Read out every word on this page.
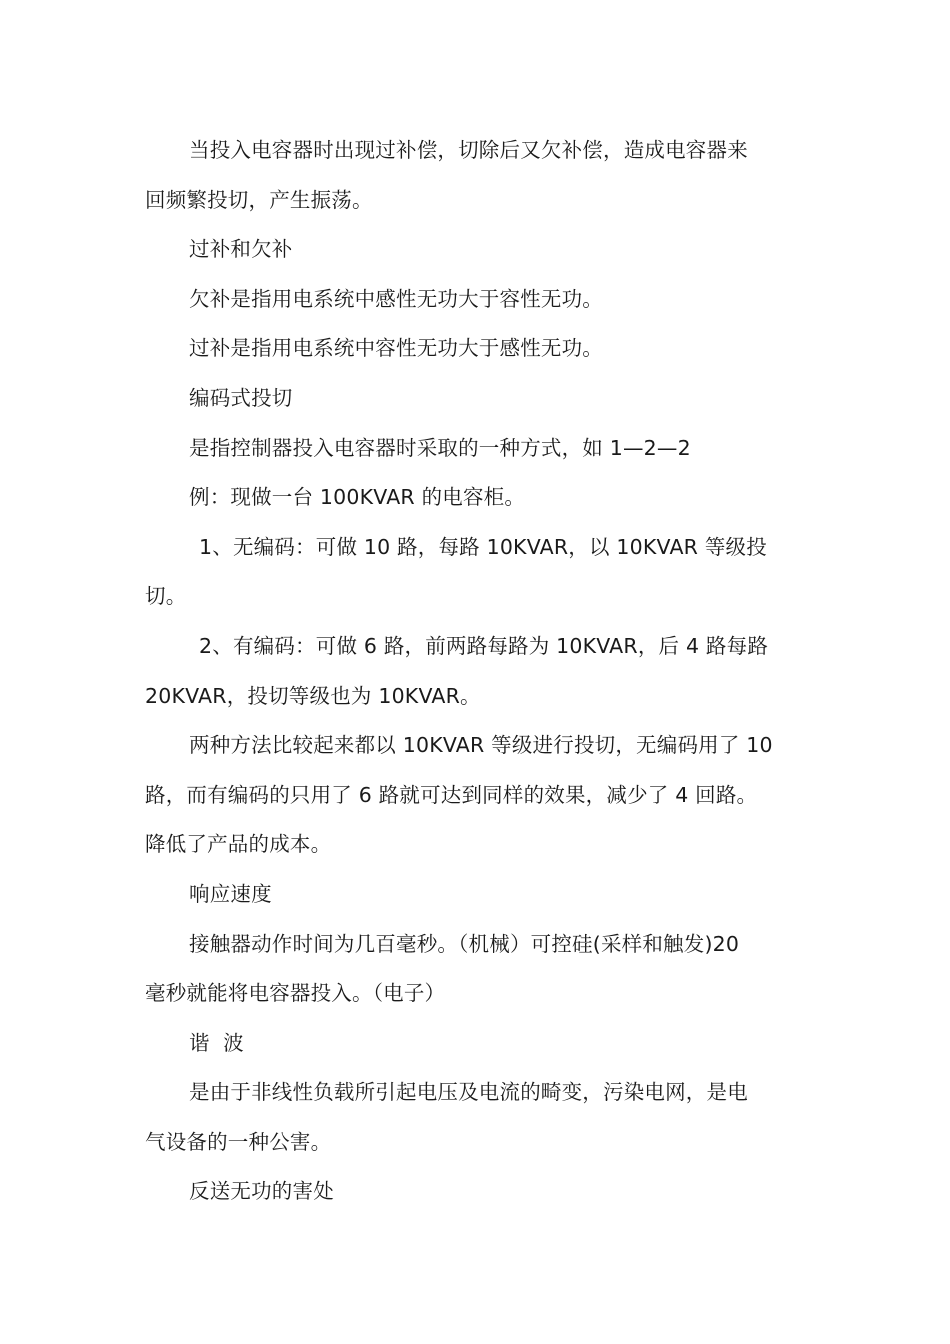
当投入电容器时出现过补偿，切除后又欠补偿，造成电容器来
回频繁投切，产生振荡。

过补和欠补

欠补是指用电系统中感性无功大于容性无功。

过补是指用电系统中容性无功大于感性无功。

编码式投切

是指控制器投入电容器时采取的一种方式，如 1—2—2

例：现做一台 100KVAR 的电容柜。

1、无编码：可做 10 路，每路 10KVAR，以 10KVAR 等级投
切。

2、有编码：可做 6 路，前两路每路为 10KVAR，后 4 路每路
20KVAR，投切等级也为 10KVAR。

两种方法比较起来都以 10KVAR 等级进行投切，无编码用了 10
路，而有编码的只用了 6 路就可达到同样的效果，减少了 4 回路。
降低了产品的成本。

响应速度

接触器动作时间为几百毫秒。（机械）可控硅(采样和触发)20
毫秒就能将电容器投入。（电子）

谐  波

是由于非线性负载所引起电压及电流的畸变，污染电网，是电
气设备的一种公害。

反送无功的害处
